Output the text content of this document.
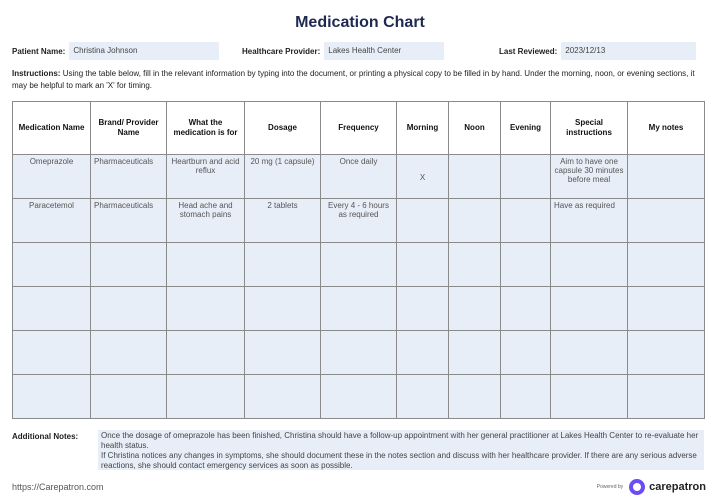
Medication Chart
Patient Name:	Christina Johnson	Healthcare Provider:	Lakes Health Center	Last Reviewed:	2023/12/13
Instructions: Using the table below, fill in the relevant information by typing into the document, or printing a physical copy to be filled in by hand. Under the morning, noon, or evening sections, it may be helpful to mark an 'X' for timing.
Medication Name	Brand/ Provider Name	What the medication is for	Dosage	Frequency	Morning	Noon	Evening	Special instructions	My notes

Omeprazole	Pharmaceuticals	Heartburn and acid reflux	20 mg (1 capsule)	Once daily	X			Aim to have one capsule 30 minutes before meal	

Paracetemol	Pharmaceuticals	Head ache and stomach pains	2 tablets	Every 4 - 6 hours as required				Have as required	

Additional Notes:	Once the dosage of omeprazole has been finished, Christina should have a follow-up appointment with her general practitioner at Lakes Health Center to re-evaluate her health status.

If Christina notices any changes in symptoms, she should document these in the notes section and discuss with her healthcare provider. If there are any serious adverse reactions, she should contact emergency services as soon as possible.

https://Carepatron.com	Powered by carepatron
